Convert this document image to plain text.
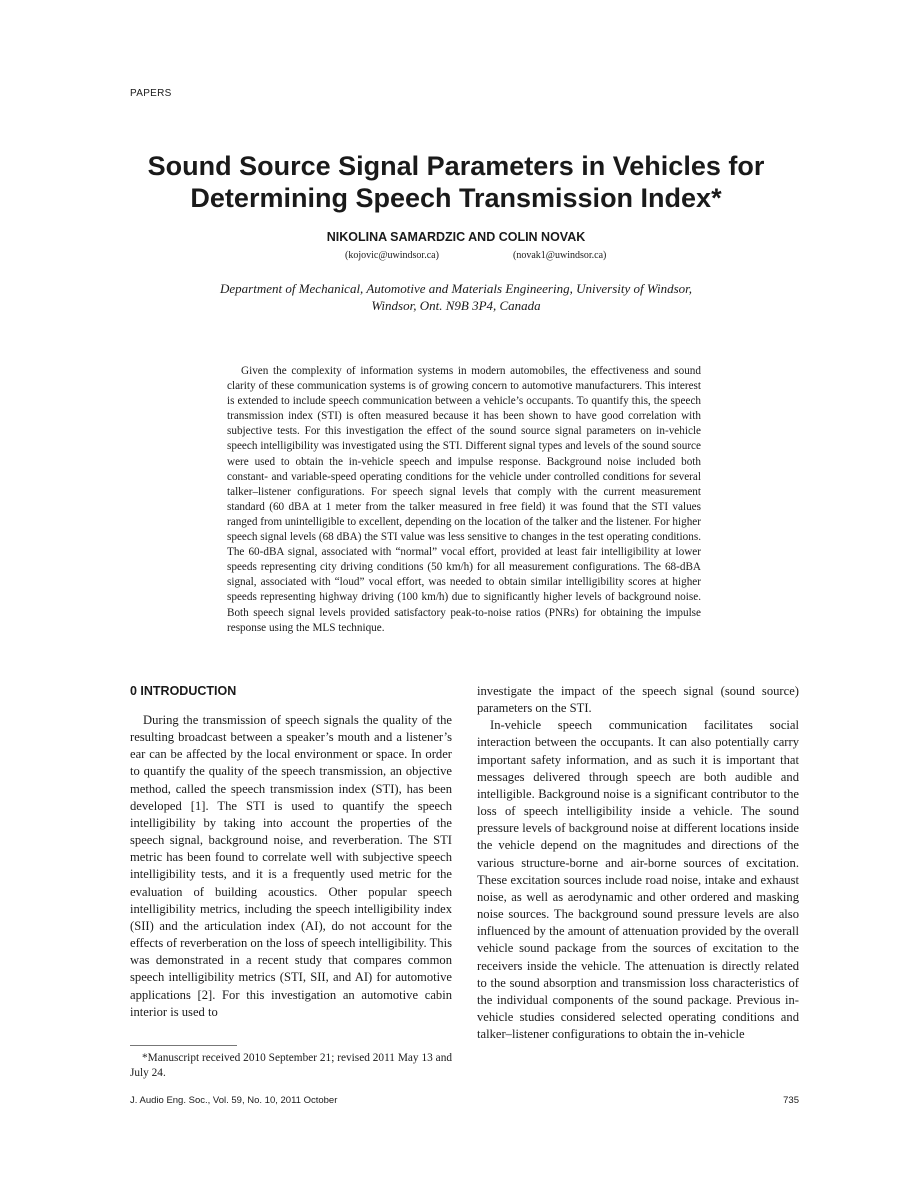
PAPERS
Sound Source Signal Parameters in Vehicles for
Determining Speech Transmission Index*
NIKOLINA SAMARDZIC AND COLIN NOVAK
(kojovic@uwindsor.ca)	(novak1@uwindsor.ca)
Department of Mechanical, Automotive and Materials Engineering, University of Windsor,
Windsor, Ont. N9B 3P4, Canada

Given the complexity of information systems in modern automobiles, the effectiveness and sound clarity of these communication systems is of growing concern to automotive manufacturers. This interest is extended to include speech communication between a vehicle’s occupants. To quantify this, the speech transmission index (STI) is often measured because it has been shown to have good correlation with subjective tests. For this investigation the effect of the sound source signal parameters on in-vehicle speech intelligibility was investigated using the STI. Different signal types and levels of the sound source were used to obtain the in-vehicle speech and impulse response. Background noise included both constant- and variable-speed operating conditions for the vehicle under controlled conditions for several talker–listener configurations. For speech signal levels that comply with the current measurement standard (60 dBA at 1 meter from the talker measured in free field) it was found that the STI values ranged from unintelligible to excellent, depending on the location of the talker and the listener. For higher speech signal levels (68 dBA) the STI value was less sensitive to changes in the test operating conditions. The 60-dBA signal, associated with “normal” vocal effort, provided at least fair intelligibility at lower speeds representing city driving conditions (50 km/h) for all measurement configurations. The 68-dBA signal, associated with “loud” vocal effort, was needed to obtain similar intelligibility scores at higher speeds representing highway driving (100 km/h) due to significantly higher levels of background noise. Both speech signal levels provided satisfactory peak-to-noise ratios (PNRs) for obtaining the impulse response using the MLS technique.

0 INTRODUCTION

During the transmission of speech signals the quality of the resulting broadcast between a speaker’s mouth and a listener’s ear can be affected by the local environment or space. In order to quantify the quality of the speech transmission, an objective method, called the speech transmission index (STI), has been developed [1]. The STI is used to quantify the speech intelligibility by taking into account the properties of the speech signal, background noise, and reverberation. The STI metric has been found to correlate well with subjective speech intelligibility tests, and it is a frequently used metric for the evaluation of building acoustics. Other popular speech intelligibility metrics, including the speech intelligibility index (SII) and the articulation index (AI), do not account for the effects of reverberation on the loss of speech intelligibility. This was demonstrated in a recent study that compares common speech intelligibility metrics (STI, SII, and AI) for automotive applications [2]. For this investigation an automotive cabin interior is used to

investigate the impact of the speech signal (sound source) parameters on the STI.

In-vehicle speech communication facilitates social interaction between the occupants. It can also potentially carry important safety information, and as such it is important that messages delivered through speech are both audible and intelligible. Background noise is a significant contributor to the loss of speech intelligibility inside a vehicle. The sound pressure levels of background noise at different locations inside the vehicle depend on the magnitudes and directions of the various structure-borne and air-borne sources of excitation. These excitation sources include road noise, intake and exhaust noise, as well as aerodynamic and other ordered and masking noise sources. The background sound pressure levels are also influenced by the amount of attenuation provided by the overall vehicle sound package from the sources of excitation to the receivers inside the vehicle. The attenuation is directly related to the sound absorption and transmission loss characteristics of the individual components of the sound package. Previous in-vehicle studies considered selected operating conditions and talker–listener configurations to obtain the in-vehicle

*Manuscript received 2010 September 21; revised 2011 May 13 and July 24.

J. Audio Eng. Soc., Vol. 59, No. 10, 2011 October	735
